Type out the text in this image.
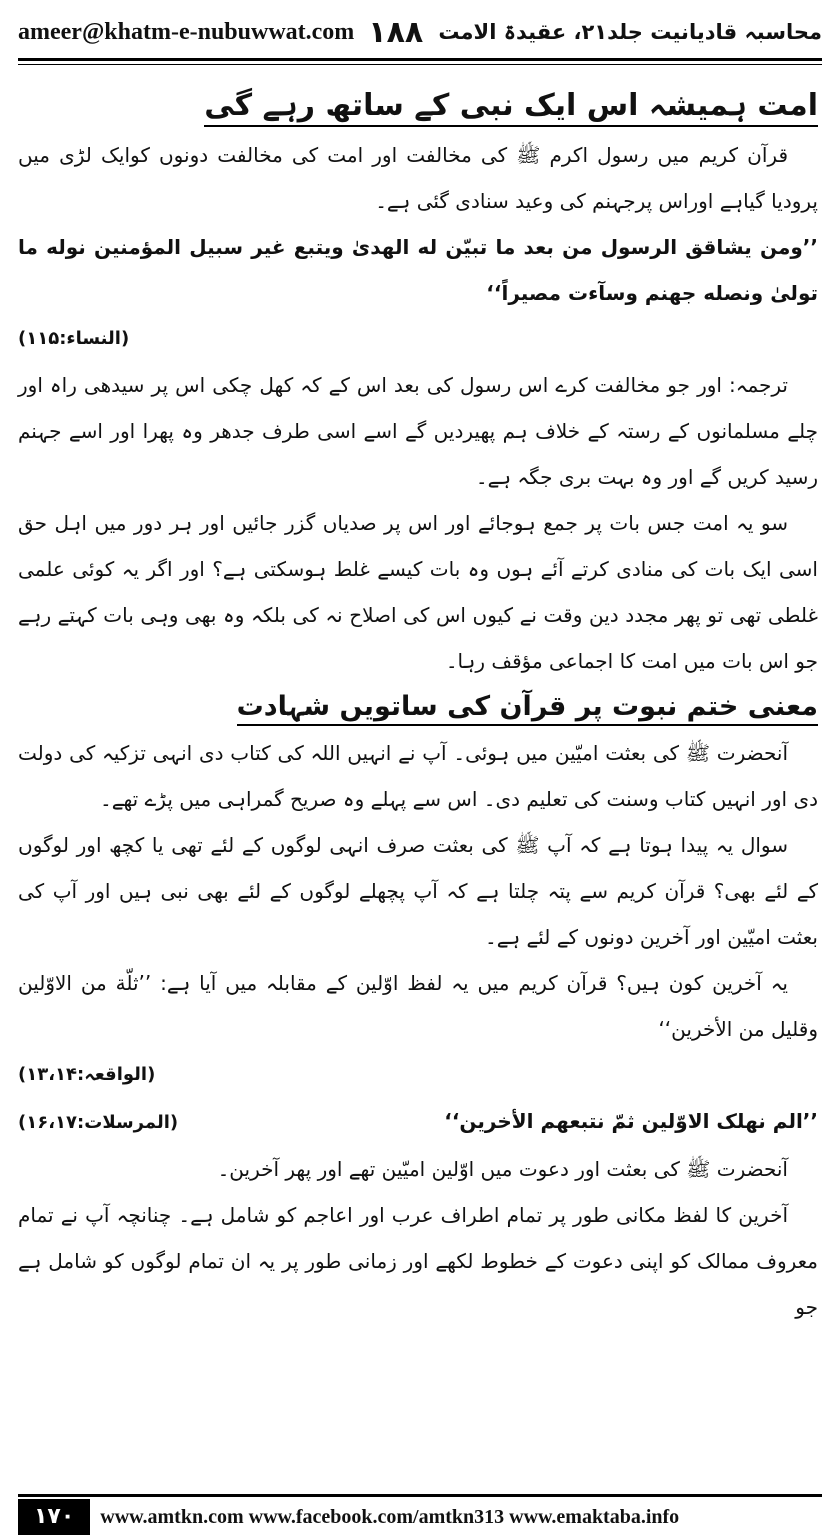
ameer@khatm-e-nubuwwat.com ۱۸۸ محاسبہ قادیانیت جلد۲۱، عقیدۃ الامت
امت ہمیشہ اس ایک نبی کے ساتھ رہے گی

قرآن کریم میں رسول اکرم ﷺ کی مخالفت اور امت کی مخالفت دونوں کوایک لڑی میں پرودیا گیاہے اوراس پرجہنم کی وعید سنادی گئی ہے۔

’’ومن یشاقق الرسول من بعد ما تبیّن له الهدیٰ ویتبع غیر سبیل المؤمنین نوله ما تولیٰ ونصله جهنم وسآءت مصیراً‘‘

(النساء:۱۱۵)

ترجمہ: اور جو مخالفت کرے اس رسول کی بعد اس کے کہ کھل چکی اس پر سیدھی راہ اور چلے مسلمانوں کے رستہ کے خلاف ہم پھیردیں گے اسے اسی طرف جدھر وہ پھرا اور اسے جہنم رسید کریں گے اور وہ بہت بری جگہ ہے۔

سو یہ امت جس بات پر جمع ہوجائے اور اس پر صدیاں گزر جائیں اور ہر دور میں اہل حق اسی ایک بات کی منادی کرتے آئے ہوں وہ بات کیسے غلط ہوسکتی ہے؟ اور اگر یہ کوئی علمی غلطی تھی تو پھر مجدد دین وقت نے کیوں اس کی اصلاح نہ کی بلکہ وہ بھی وہی بات کہتے رہے جو اس بات میں امت کا اجماعی مؤقف رہا۔

معنی ختم نبوت پر قرآن کی ساتویں شہادت

آنحضرت ﷺ کی بعثت امیّین میں ہوئی۔ آپ نے انہیں اللہ کی کتاب دی انہی تزکیہ کی دولت دی اور انہیں کتاب وسنت کی تعلیم دی۔ اس سے پہلے وہ صریح گمراہی میں پڑے تھے۔

سوال یہ پیدا ہوتا ہے کہ آپ ﷺ کی بعثت صرف انہی لوگوں کے لئے تھی یا کچھ اور لوگوں کے لئے بھی؟ قرآن کریم سے پتہ چلتا ہے کہ آپ پچھلے لوگوں کے لئے بھی نبی ہیں اور آپ کی بعثت امیّین اور آخرین دونوں کے لئے ہے۔

یہ آخرین کون ہیں؟ قرآن کریم میں یہ لفظ اوّلین کے مقابلہ میں آیا ہے: ’’ثلّة من الاوّلین وقلیل من الأخرین‘‘

(الواقعہ:۱۳،۱۴)
’’الم نهلک الاوّلین ثمّ نتبعهم الأخرین‘‘
(المرسلات:۱۶،۱۷)

آنحضرت ﷺ کی بعثت اور دعوت میں اوّلین امیّین تھے اور پھر آخرین۔

آخرین کا لفظ مکانی طور پر تمام اطراف عرب اور اعاجم کو شامل ہے۔ چنانچہ آپ نے تمام معروف ممالک کو اپنی دعوت کے خطوط لکھے اور زمانی طور پر یہ ان تمام لوگوں کو شامل ہے جو

۱۷۰	www.amtkn.com www.facebook.com/amtkn313 www.emaktaba.info
